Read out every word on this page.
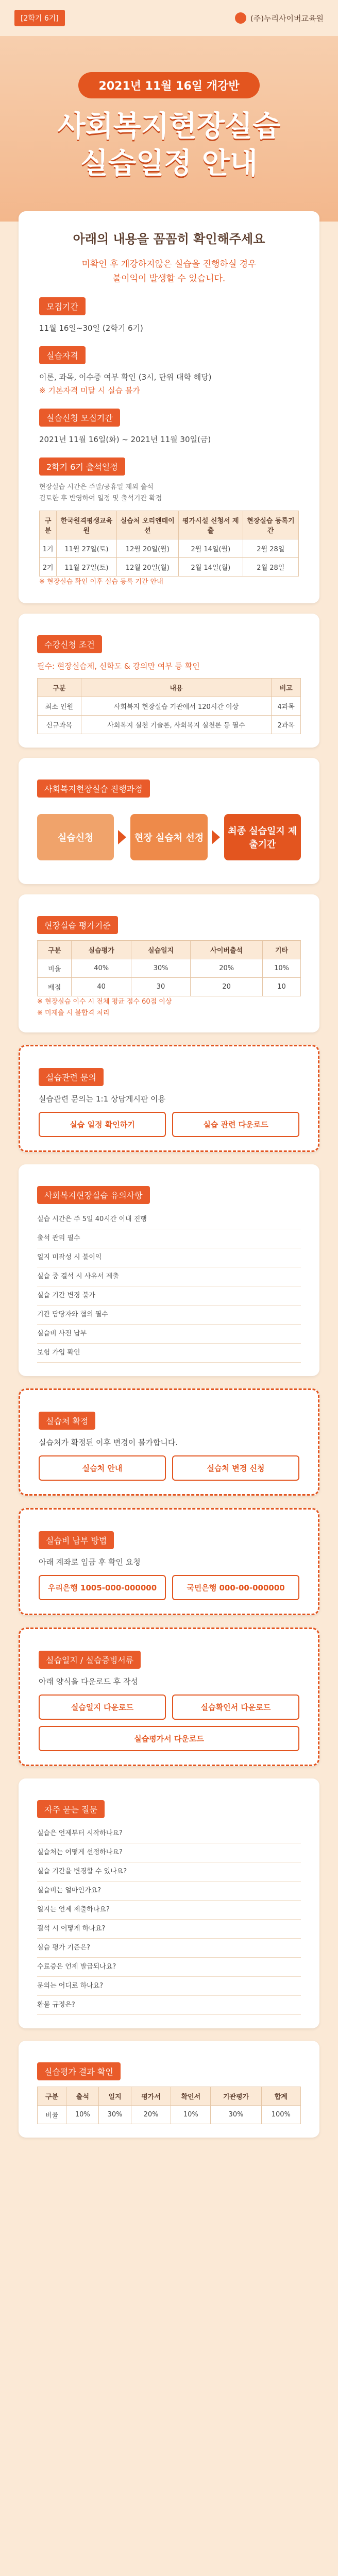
[2학기 6기]	(주)누리사이버교육원
2021년 11월 16일 개강반
사회복지현장실습
실습일정 안내
아래의 내용을 꼼꼼히 확인해주세요
미확인 후 개강하지않은 실습을 진행하실 경우
불이익이 발생할 수 있습니다.
모집기간
11월 16일~30일 (2학기 6기)
실습자격
이론, 과목, 이수증 여부 확인 (3시, 단위 대학 해당)
※ 기본자격 미달 시 실습 불가
실습신청 모집기간
2021년 11월 16일(화) ~ 2021년 11월 30일(금)
2학기 6기 출석일정
현장실습 시간은 주말/공휴일 제외 출석
검토한 후 반영하여 일정 및 출석기관 확정
구분	한국원격평생교육원	실습처 오리엔테이션	평가시설 신청서 제출	현장실습 등록기간
1기	11월 27일(토)	12월 20일(월)	2월 14일(월)	2월 28일
2기	11월 27일(토)	12월 20일(월)	2월 14일(월)	2월 28일
※ 현장실습 확인 이후 실습 등록 기간 안내
수강신청 조건
필수: 현장실습제, 신학도 & 강의만 여부 등 확인
구분	내용	비고
최소 인원	사회복지 현장실습 기관에서 120시간 이상	4과목
신규과목	사회복지 실천 기술론, 사회복지 실천론 등 필수	2과목
사회복지현장실습 진행과정
실습신청	현장 실습처 선정
최종 실습일지 제출기간
현장실습 평가기준
구분	실습평가	실습일지	사이버출석	기타
비율	40%	30%	20%	10%
배점	40	30	20	10
※ 현장실습 이수 시 전체 평균 점수 60점 이상
※ 미제출 시 불합격 처리
실습관련 문의
실습관련 문의는 1:1 상담게시판 이용
실습 일정 확인하기	실습 관련 다운로드
사회복지현장실습 유의사항
실습 시간은 주 5일 40시간 이내 진행
출석 관리 필수
일지 미작성 시 불이익
실습 중 결석 시 사유서 제출
실습 기간 변경 불가
기관 담당자와 협의 필수
실습비 사전 납부
보험 가입 확인
실습처 확정
실습처가 확정된 이후 변경이 불가합니다.
실습처 안내	실습처 변경 신청
실습비 납부 방법
아래 계좌로 입금 후 확인 요청
우리은행 1005-000-000000	국민은행 000-00-000000
실습일지 / 실습증빙서류
아래 양식을 다운로드 후 작성
실습일지 다운로드	실습확인서 다운로드
실습평가서 다운로드
자주 묻는 질문
실습은 언제부터 시작하나요?
실습처는 어떻게 선정하나요?
실습 기간을 변경할 수 있나요?
실습비는 얼마인가요?
일지는 언제 제출하나요?
결석 시 어떻게 하나요?
실습 평가 기준은?
수료증은 언제 발급되나요?
문의는 어디로 하나요?
환불 규정은?
실습평가 결과 확인
구분	출석	일지	평가서	확인서	기관평가	합계
비율	10%	30%	20%	10%	30%	100%
